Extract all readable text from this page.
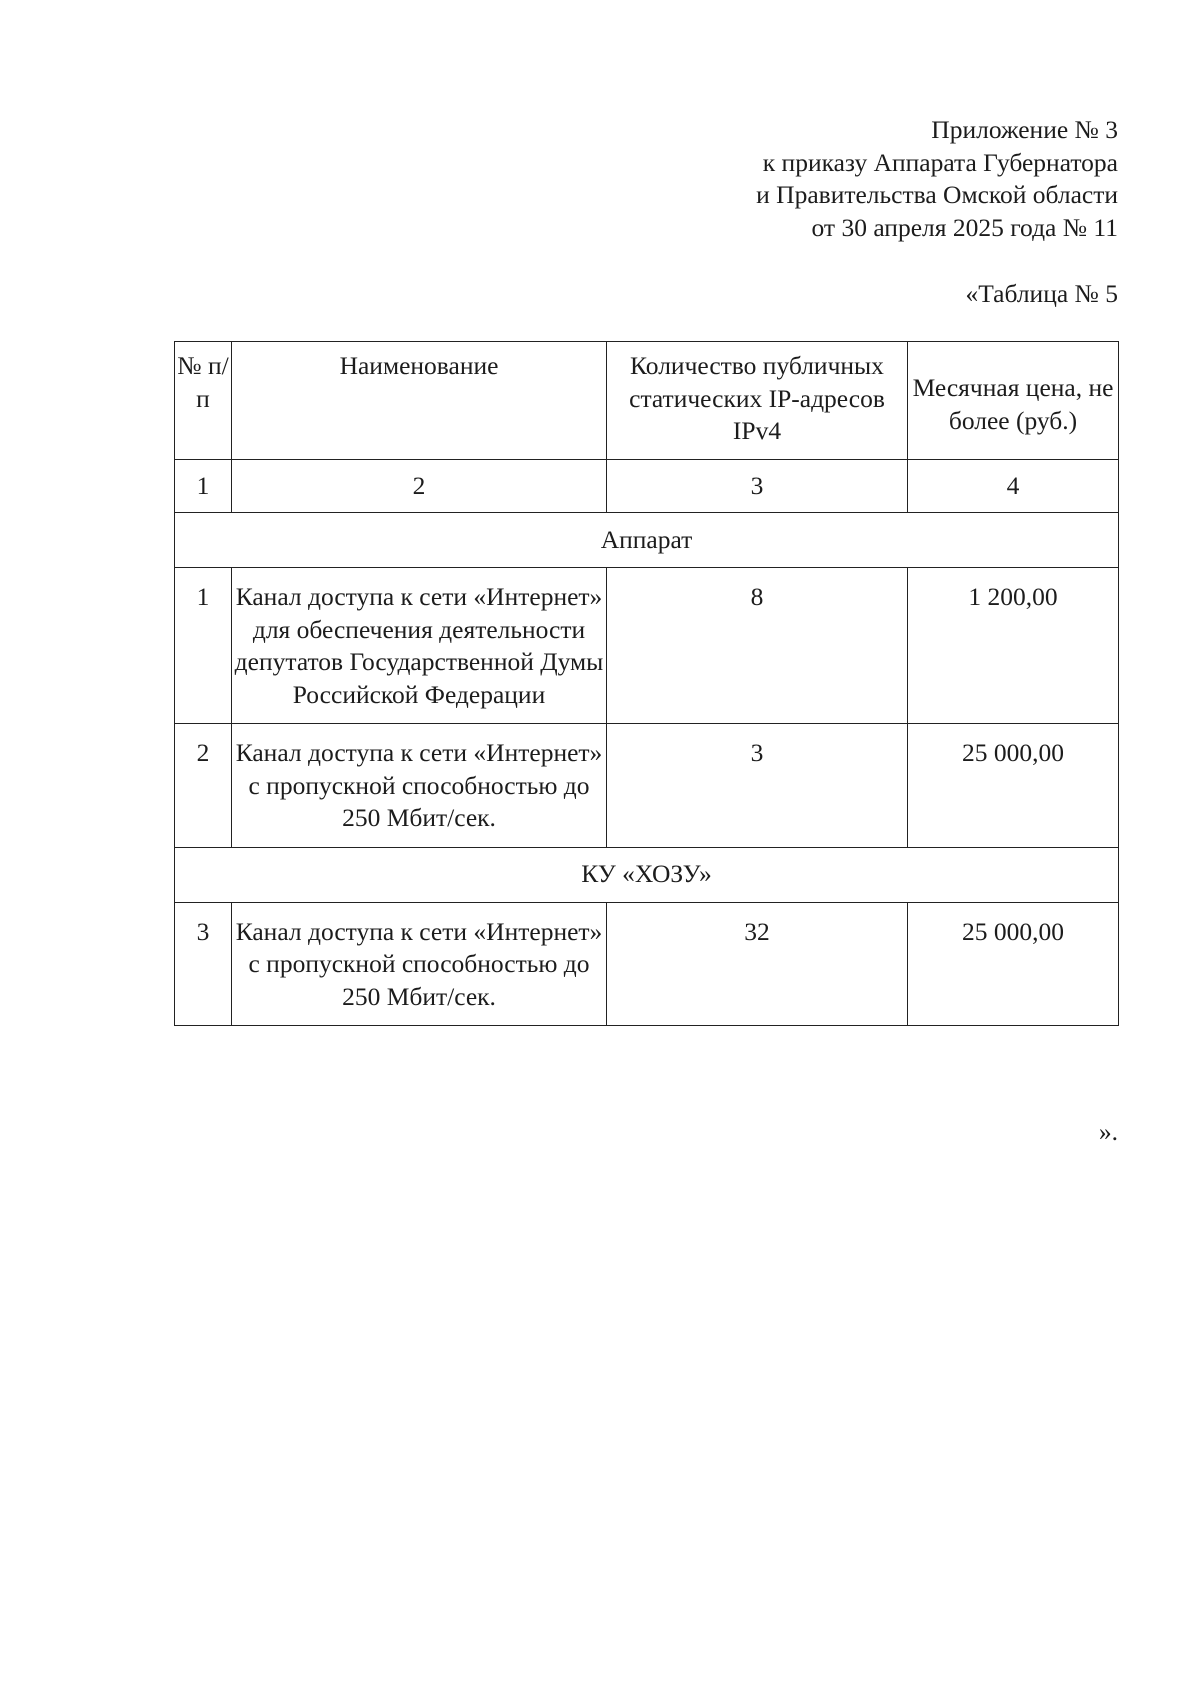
Приложение № 3
к приказу Аппарата Губернатора
и Правительства Омской области
от 30 апреля 2025 года № 11
«Таблица № 5
№ п/п	Наименование	Количество публичных статических IP-адресов IPv4	Месячная цена, не более (руб.)
1	2	3	4
Аппарат			
1	Канал доступа к сети «Интернет» для обеспечения деятельности депутатов Государственной Думы Российской Федерации	8	1 200,00
2	Канал доступа к сети «Интернет» с пропускной способностью до 250 Мбит/сек.	3	25 000,00
КУ «ХОЗУ»			
3	Канал доступа к сети «Интернет» с пропускной способностью до 250 Мбит/сек.	32	25 000,00
».
